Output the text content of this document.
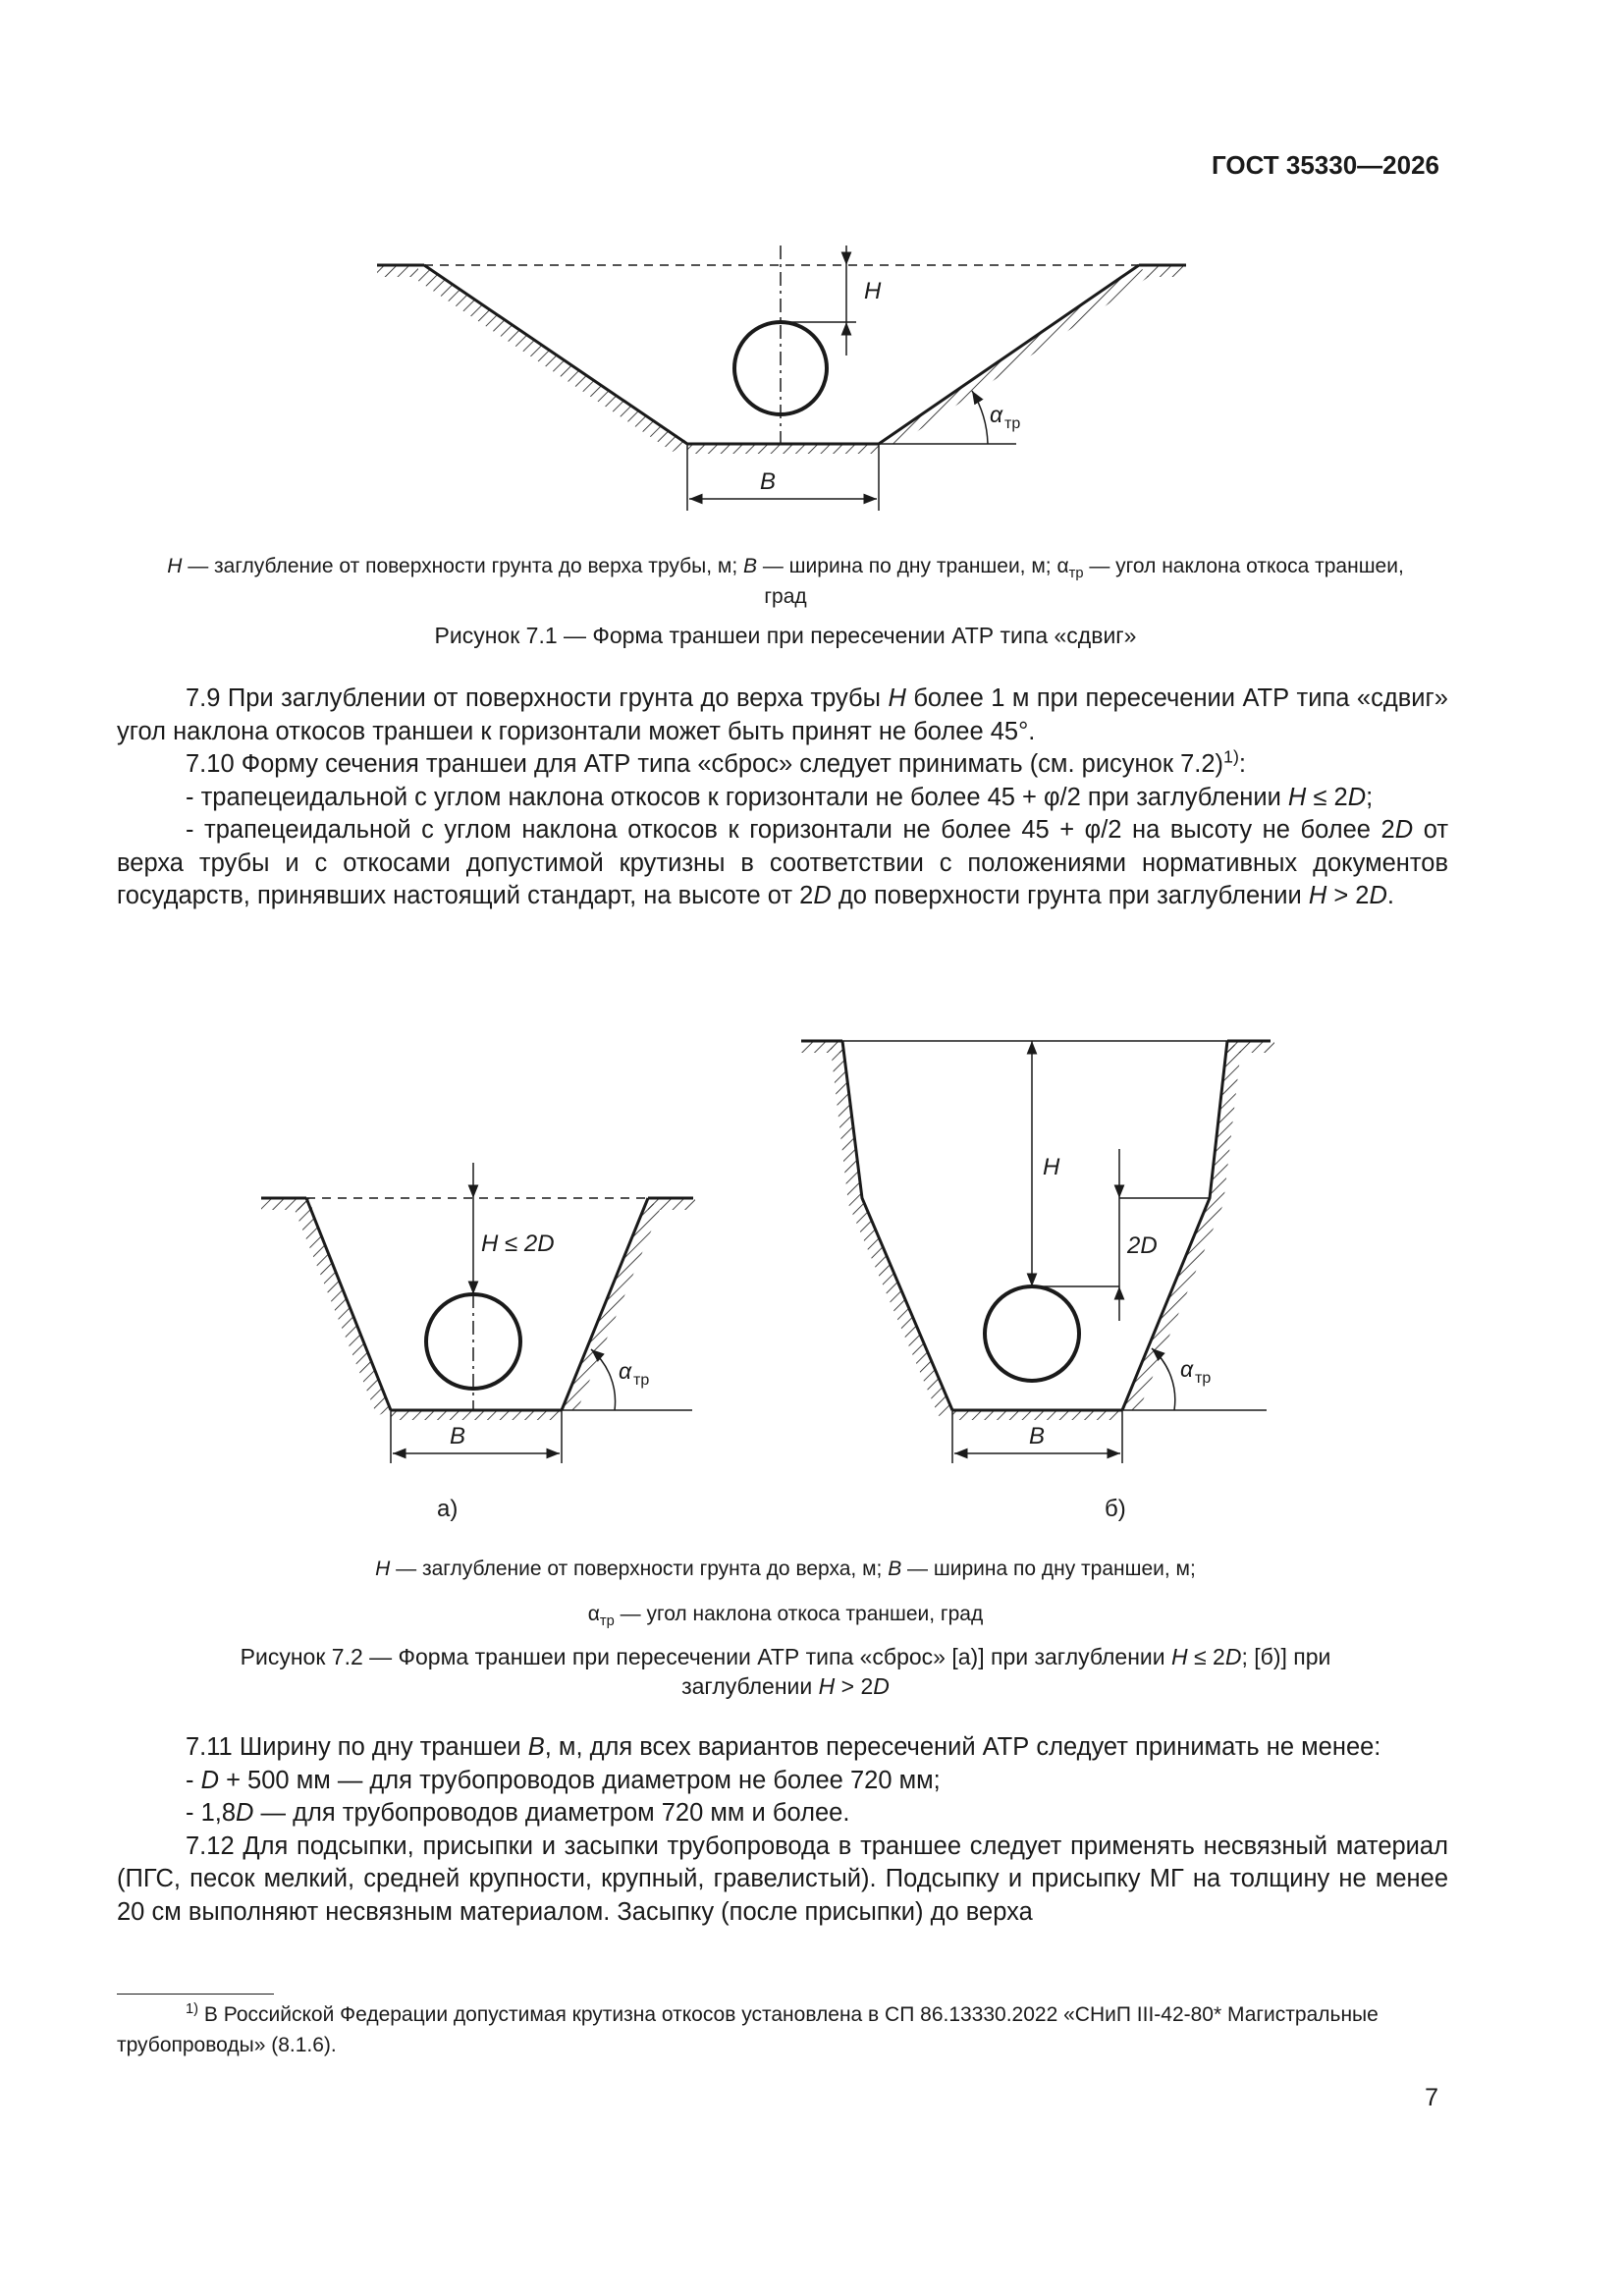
ГОСТ 35330—2026
α тр
H
B
H — заглубление от поверхности грунта до верха трубы, м; B — ширина по дну траншеи, м; $\alpha_{тр}$ — угол наклона откоса траншеи,
град
Рисунок 7.1 — Форма траншеи при пересечении АТР типа «сдвиг»

7.9 При заглублении от поверхности грунта до верха трубы H более 1 м при пересечении АТР типа «сдвиг» угол наклона откосов траншеи к горизонтали может быть принят не более 45°.

7.10 Форму сечения траншеи для АТР типа «сброс» следует принимать (см. рисунок 7.2)$^{1)}$:

- трапецеидальной с углом наклона откосов к горизонтали не более 45 + φ/2 при заглублении H ≤ 2D;

- трапецеидальной с углом наклона откосов к горизонтали не более 45 + φ/2 на высоту не более 2D от верха трубы и с откосами допустимой крутизны в соответствии с положениями нормативных документов государств, принявших настоящий стандарт, на высоте от 2D до поверхности грунта при заглублении H > 2D.

α тр
H ≤ 2D
B
α тр
H
2D
B
а)	б)
H — заглубление от поверхности грунта до верха, м; B — ширина по дну траншеи, м;
$\alpha_{тр}$ — угол наклона откоса траншеи, град
Рисунок 7.2 — Форма траншеи при пересечении АТР типа «сброс» [а)] при заглублении H ≤ 2D; [б)] при
заглублении H > 2D

7.11 Ширину по дну траншеи B, м, для всех вариантов пересечений АТР следует принимать не менее:

- D + 500 мм — для трубопроводов диаметром не более 720 мм;

- 1,8D — для трубопроводов диаметром 720 мм и более.

7.12 Для подсыпки, присыпки и засыпки трубопровода в траншее следует применять несвязный материал (ПГС, песок мелкий, средней крупности, крупный, гравелистый). Подсыпку и присыпку МГ на толщину не менее 20 см выполняют несвязным материалом. Засыпку (после присыпки) до верха

$^{1)}$ В Российской Федерации допустимая крутизна откосов установлена в СП 86.13330.2022 «СНиП III-42-80* Магистральные трубопроводы» (8.1.6).
7
